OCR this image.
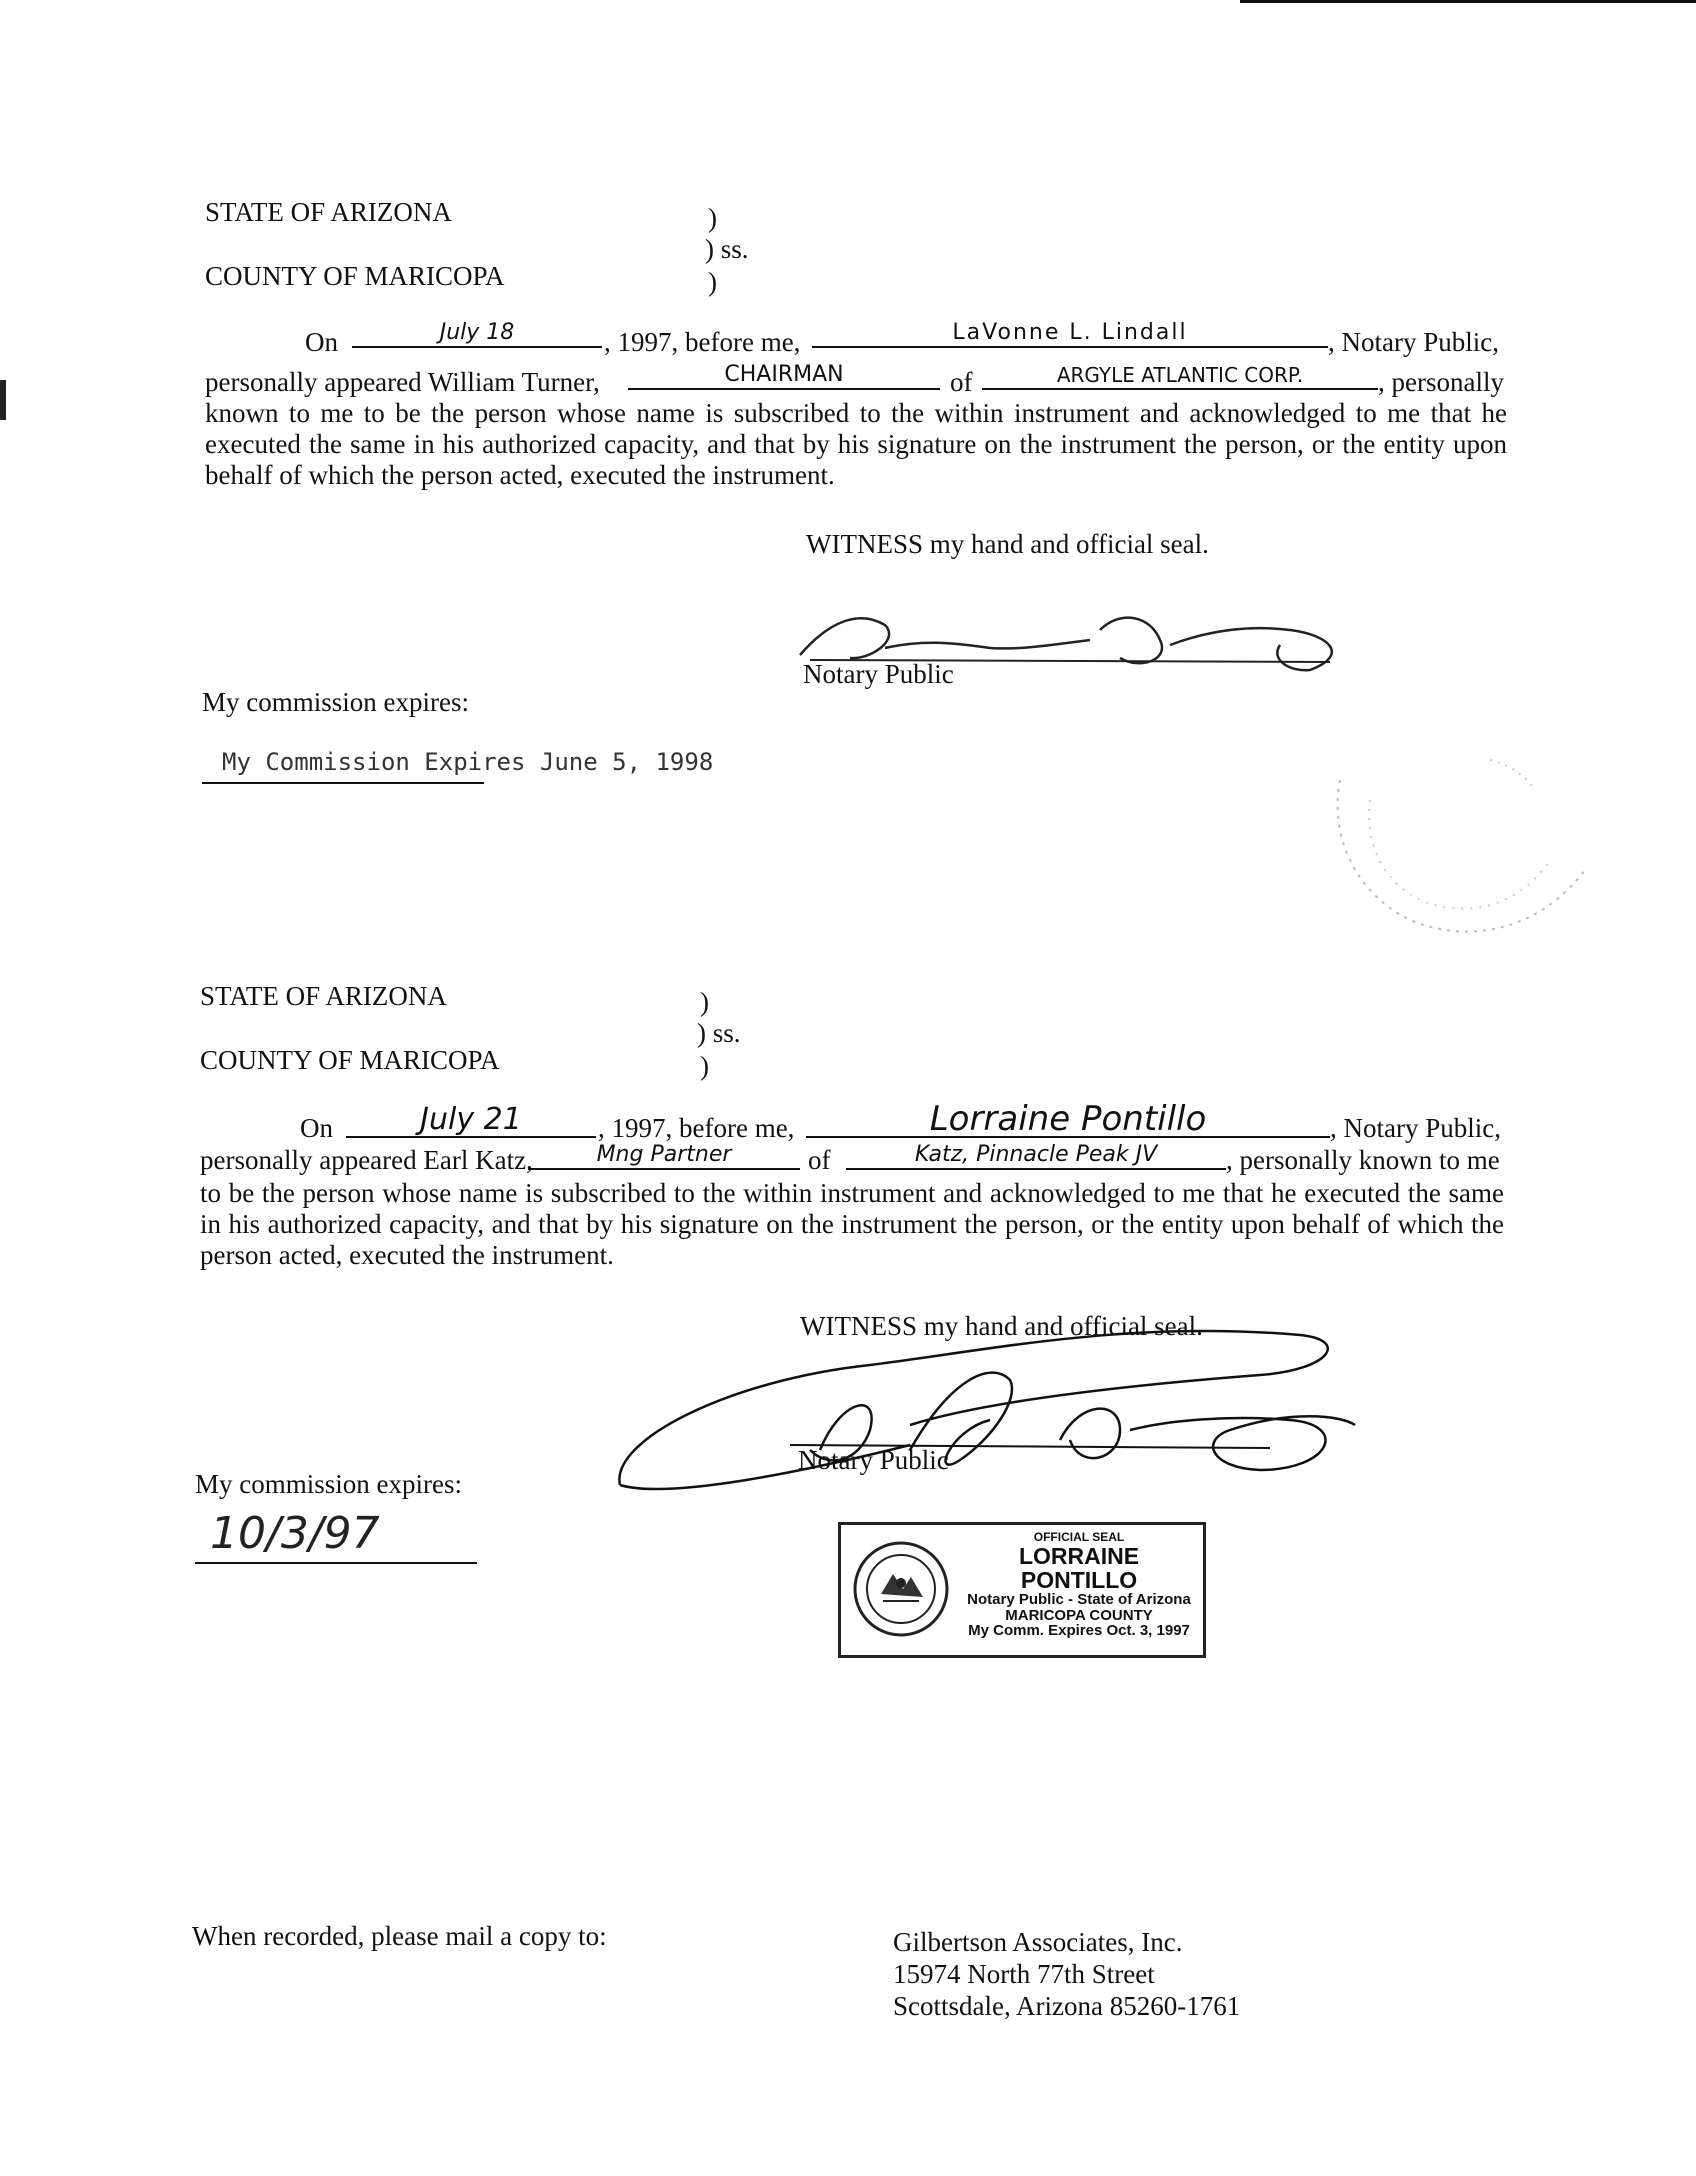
STATE OF ARIZONA	)
) ss.
COUNTY OF MARICOPA	)
On	July 18	, 1997, before me,	LaVonne L. Lindall	, Notary Public,
personally appeared William Turner,	CHAIRMAN	of	ARGYLE ATLANTIC CORP.	, personally
known to me to be the person whose name is subscribed to the within instrument and acknowledged to me that he executed the same in his authorized capacity, and that by his signature on the instrument the person, or the entity upon behalf of which the person acted, executed the instrument.
WITNESS my hand and official seal.
Notary Public
My commission expires:
My Commission Expires June 5, 1998
STATE OF ARIZONA	)
) ss.
COUNTY OF MARICOPA	)
On	July 21	, 1997, before me,	Lorraine Pontillo	, Notary Public,
personally appeared Earl Katz,	Mng Partner	of	Katz, Pinnacle Peak JV	, personally known to me
to be the person whose name is subscribed to the within instrument and acknowledged to me that he executed the same in his authorized capacity, and that by his signature on the instrument the person, or the entity upon behalf of which the person acted, executed the instrument.
WITNESS my hand and official seal.
Notary Public
My commission expires:
10/3/97	OFFICIAL SEAL
LORRAINE PONTILLO
Notary Public - State of Arizona
MARICOPA COUNTY
My Comm. Expires Oct. 3, 1997
When recorded, please mail a copy to:	Gilbertson Associates, Inc.
15974 North 77th Street
Scottsdale, Arizona 85260-1761
